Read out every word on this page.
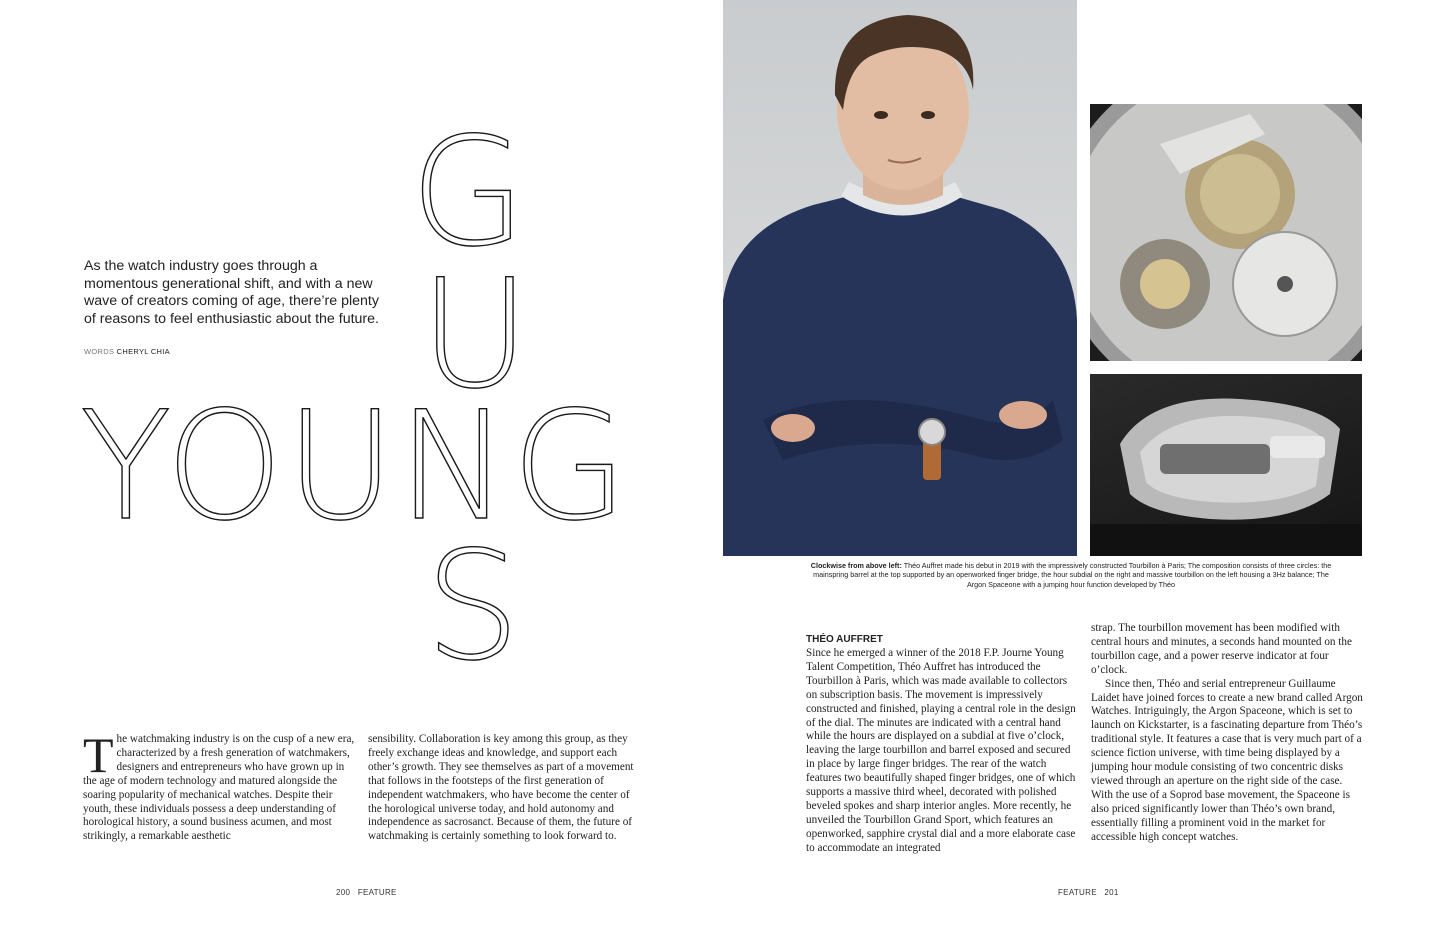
G
U
YOUNG
S
As the watch industry goes through a momentous generational shift, and with a new wave of creators coming of age, there’re plenty of reasons to feel enthusiastic about the future.
WORDS CHERYL CHIA

The watchmaking industry is on the cusp of a new era, characterized by a fresh generation of watchmakers, designers and entrepreneurs who have grown up in the age of modern technology and matured alongside the soaring popularity of mechanical watches. Despite their youth, these individuals possess a deep understanding of horological history, a sound business acumen, and most strikingly, a remarkable aesthetic

sensibility. Collaboration is key among this group, as they freely exchange ideas and knowledge, and support each other’s growth. They see themselves as part of a movement that follows in the footsteps of the first generation of independent watchmakers, who have become the center of the horological universe today, and hold autonomy and independence as sacrosanct. Because of them, the future of watchmaking is certainly something to look forward to.

Clockwise from above left: Théo Auffret made his debut in 2019 with the impressively constructed Tourbillon à Paris; The composition consists of three circles: the mainspring barrel at the top supported by an openworked finger bridge, the hour subdial on the right and massive tourbillon on the left housing a 3Hz balance; The Argon Spaceone with a jumping hour function developed by Théo
THÉO AUFFRET

Since he emerged a winner of the 2018 F.P. Journe Young Talent Competition, Théo Auffret has introduced the Tourbillon à Paris, which was made available to collectors on subscription basis. The movement is impressively constructed and finished, playing a central role in the design of the dial. The minutes are indicated with a central hand while the hours are displayed on a subdial at five o’clock, leaving the large tourbillon and barrel exposed and secured in place by large finger bridges. The rear of the watch features two beautifully shaped finger bridges, one of which supports a massive third wheel, decorated with polished beveled spokes and sharp interior angles. More recently, he unveiled the Tourbillon Grand Sport, which features an openworked, sapphire crystal dial and a more elaborate case to accommodate an integrated

strap. The tourbillon movement has been modified with central hours and minutes, a seconds hand mounted on the tourbillon cage, and a power reserve indicator at four o’clock.

Since then, Théo and serial entrepreneur Guillaume Laidet have joined forces to create a new brand called Argon Watches. Intriguingly, the Argon Spaceone, which is set to launch on Kickstarter, is a fascinating departure from Théo’s traditional style. It features a case that is very much part of a science fiction universe, with time being displayed by a jumping hour module consisting of two concentric disks viewed through an aperture on the right side of the case. With the use of a Soprod base movement, the Spaceone is also priced significantly lower than Théo’s own brand, essentially filling a prominent void in the market for accessible high concept watches.

200   FEATURE	FEATURE   201
